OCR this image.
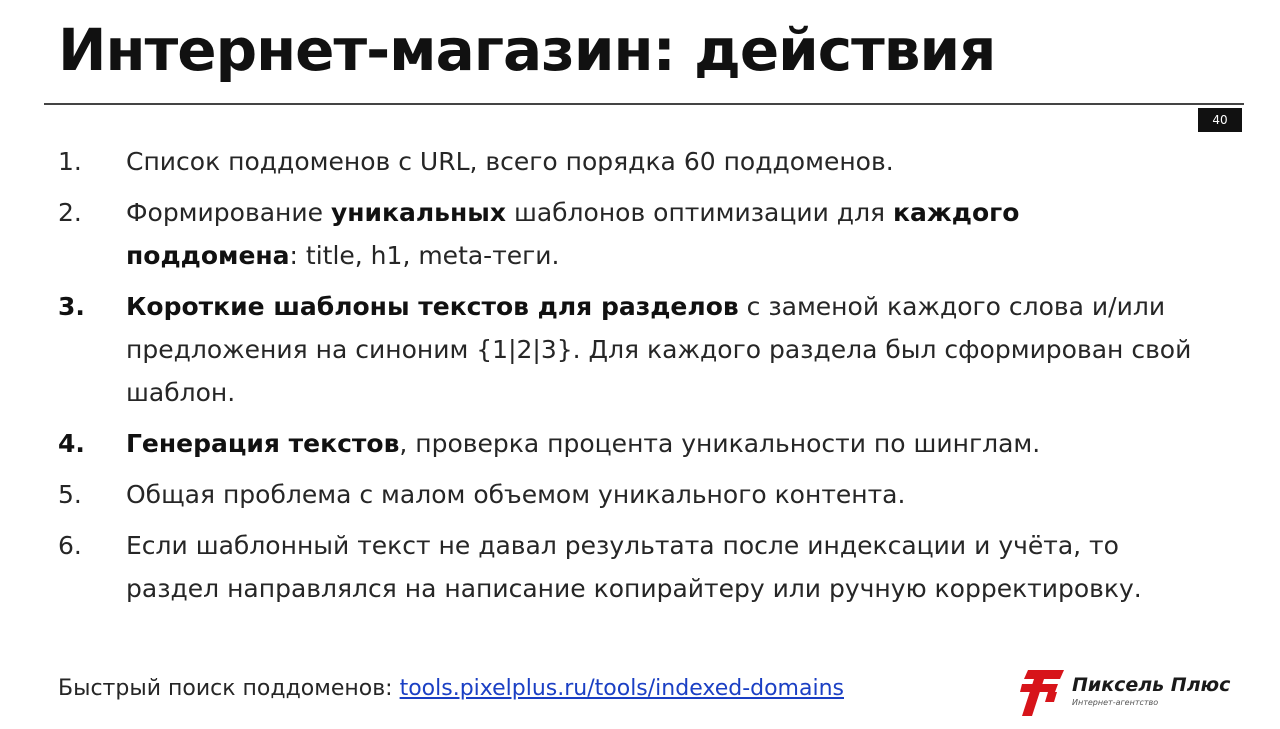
Интернет-магазин: действия
40
1. Список поддоменов с URL, всего порядка 60 поддоменов.
2. Формирование уникальных шаблонов оптимизации для каждого поддомена: title, h1, meta-теги.
3. Короткие шаблоны текстов для разделов с заменой каждого слова и/или предложения на синоним {1|2|3}. Для каждого раздела был сформирован свой шаблон.
4. Генерация текстов, проверка процента уникальности по шинглам.
5. Общая проблема с малом объемом уникального контента.
6. Если шаблонный текст не давал результата после индексации и учёта, то раздел направлялся на написание копирайтеру или ручную корректировку.
Быстрый поиск поддоменов: tools.pixelplus.ru/tools/indexed-domains	Пиксель Плюс
Интернет-агентство
